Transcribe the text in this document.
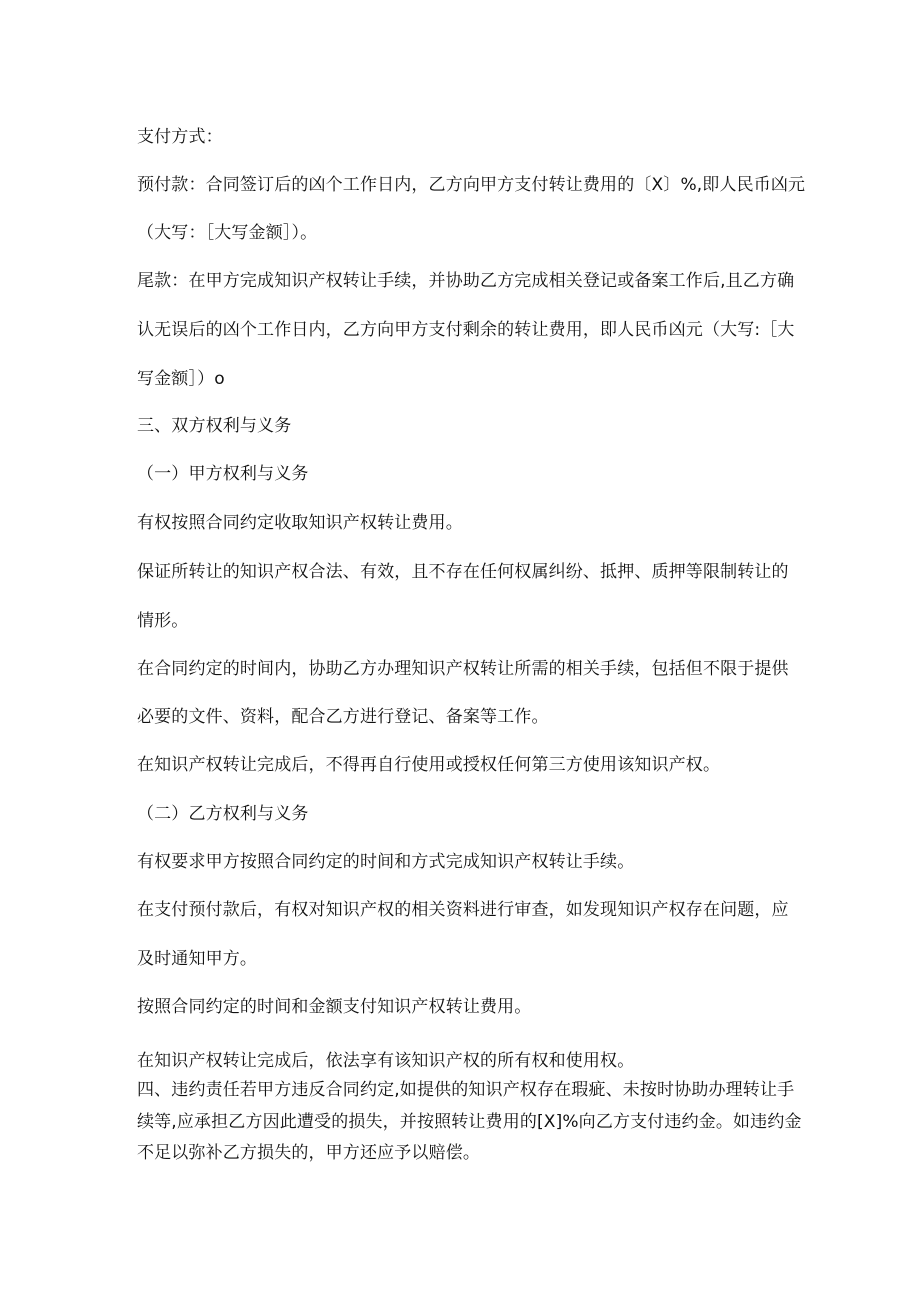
支付方式：
预付款：合同签订后的凶个工作日内，乙方向甲方支付转让费用的〔X〕%,即人民币凶元
（大写：［大写金额］）。
尾款：在甲方完成知识产权转让手续，并协助乙方完成相关登记或备案工作后,且乙方确
认无误后的凶个工作日内，乙方向甲方支付剩余的转让费用，即人民币凶元（大写:［大
写金额］）o
三、双方权利与义务
（一）甲方权利与义务
有权按照合同约定收取知识产权转让费用。
保证所转让的知识产权合法、有效，且不存在任何权属纠纷、抵押、质押等限制转让的
情形。
在合同约定的时间内，协助乙方办理知识产权转让所需的相关手续，包括但不限于提供
必要的文件、资料，配合乙方进行登记、备案等工作。
在知识产权转让完成后，不得再自行使用或授权任何第三方使用该知识产权。
（二）乙方权利与义务
有权要求甲方按照合同约定的时间和方式完成知识产权转让手续。
在支付预付款后，有权对知识产权的相关资料进行审查，如发现知识产权存在问题，应
及时通知甲方。
按照合同约定的时间和金额支付知识产权转让费用。
在知识产权转让完成后，依法享有该知识产权的所有权和使用权。
四、违约责任若甲方违反合同约定,如提供的知识产权存在瑕疵、未按时协助办理转让手
续等,应承担乙方因此遭受的损失，并按照转让费用的[X]%向乙方支付违约金。如违约金
不足以弥补乙方损失的，甲方还应予以赔偿。
